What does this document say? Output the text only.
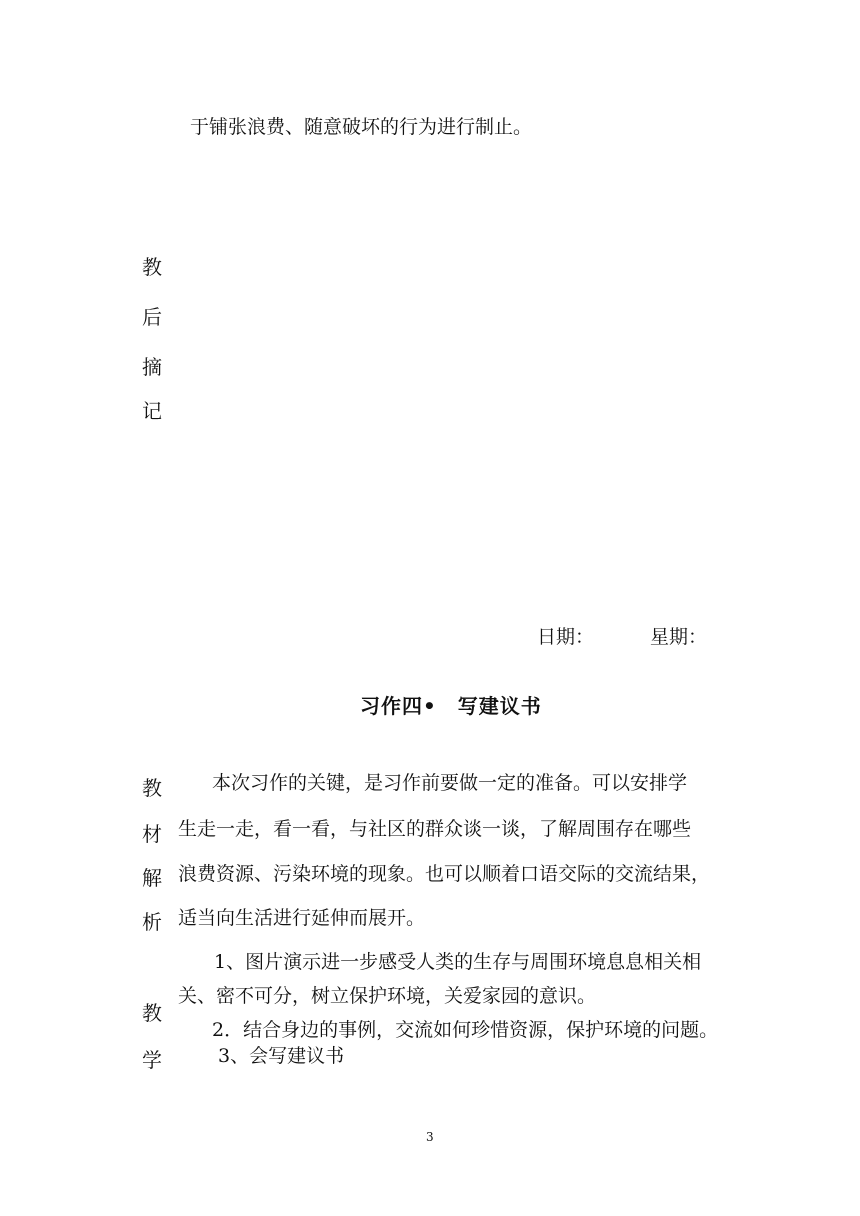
于铺张浪费、随意破坏的行为进行制止。
教
后
摘
记
日期：	星期：
习作四•　写建议书
教
材
解
析
本次习作的关键，是习作前要做一定的准备。可以安排学
生走一走，看一看，与社区的群众谈一谈，了解周围存在哪些
浪费资源、污染环境的现象。也可以顺着口语交际的交流结果，
适当向生活进行延伸而展开。
教
学
1、图片演示进一步感受人类的生存与周围环境息息相关相
关、密不可分，树立保护环境，关爱家园的意识。
2．结合身边的事例，交流如何珍惜资源，保护环境的问题。
3、会写建议书
3
